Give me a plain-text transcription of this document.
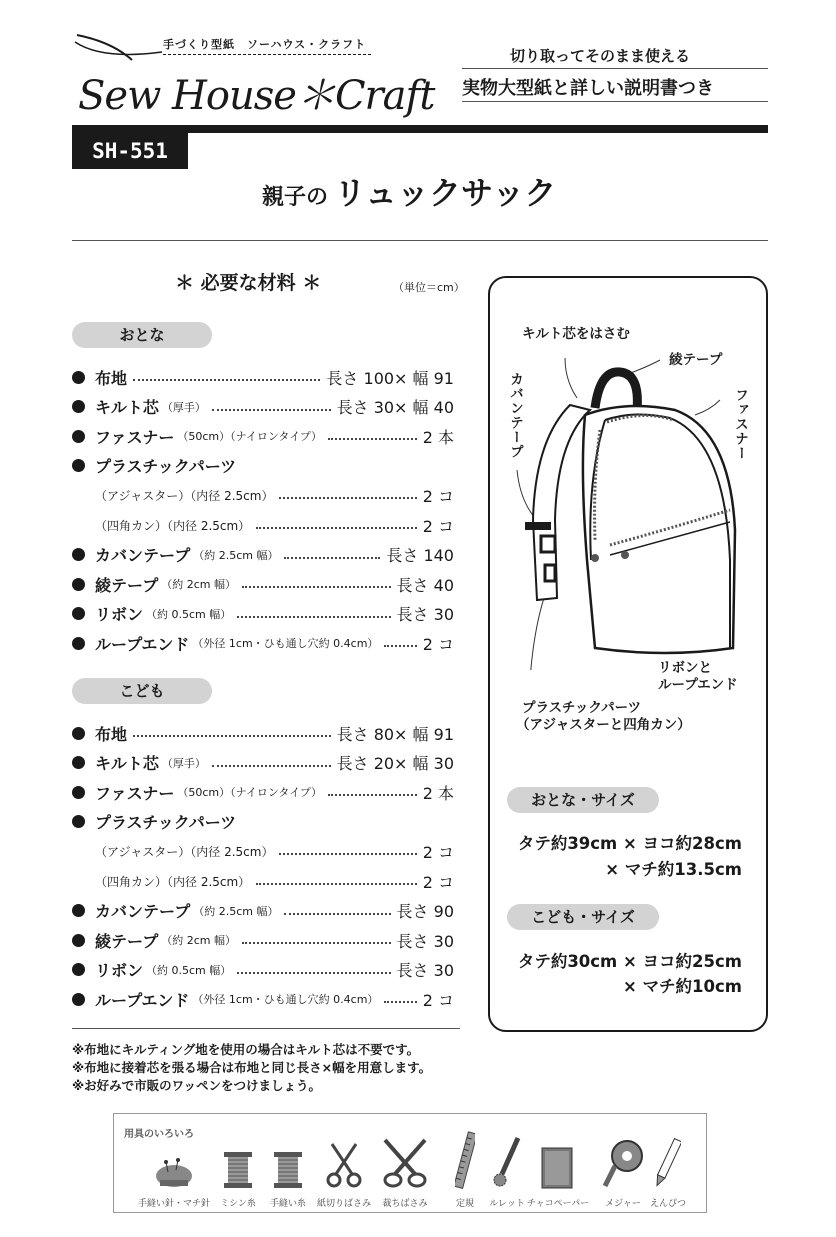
手づくり型紙　ソーハウス・クラフト
Sew House＊Craft
切り取ってそのまま使える
実物大型紙と詳しい説明書つき
SH-551
親子の リュックサック
＊ 必要な材料 ＊	（単位＝cm）
おとな
布地	長さ 100× 幅 91
キルト芯 （厚手）	長さ 30× 幅 40
ファスナー （50cm）（ナイロンタイプ）	2 本
プラスチックパーツ
（アジャスター）（内径 2.5cm）	2 コ
（四角カン）（内径 2.5cm）	2 コ
カバンテープ （約 2.5cm 幅）	長さ 140
綾テープ （約 2cm 幅）	長さ 40
リボン （約 0.5cm 幅）	長さ 30
ループエンド （外径 1cm・ひも通し穴約 0.4cm）	2 コ
こども
布地	長さ 80× 幅 91
キルト芯 （厚手）	長さ 20× 幅 30
ファスナー （50cm）（ナイロンタイプ）	2 本
プラスチックパーツ
（アジャスター）（内径 2.5cm）	2 コ
（四角カン）（内径 2.5cm）	2 コ
カバンテープ （約 2.5cm 幅）	長さ 90
綾テープ （約 2cm 幅）	長さ 30
リボン （約 0.5cm 幅）	長さ 30
ループエンド （外径 1cm・ひも通し穴約 0.4cm）	2 コ
※布地にキルティング地を使用の場合はキルト芯は不要です。
※布地に接着芯を張る場合は布地と同じ長さ×幅を用意します。
※お好みで市販のワッペンをつけましょう。
キルト芯をはさむ
綾テープ
カバンテープ	ファスナー
リボンと
ループエンド
プラスチックパーツ
（アジャスターと四角カン）
おとな・サイズ
タテ約39cm × ヨコ約28cm
× マチ約13.5cm
こども・サイズ
タテ約30cm × ヨコ約25cm
× マチ約10cm
用具のいろいろ
手縫い針・マチ針	ミシン糸	手縫い糸	紙切りばさみ	裁ちばさみ	定規	ルレット チャコペーパー	メジャー	えんぴつ
